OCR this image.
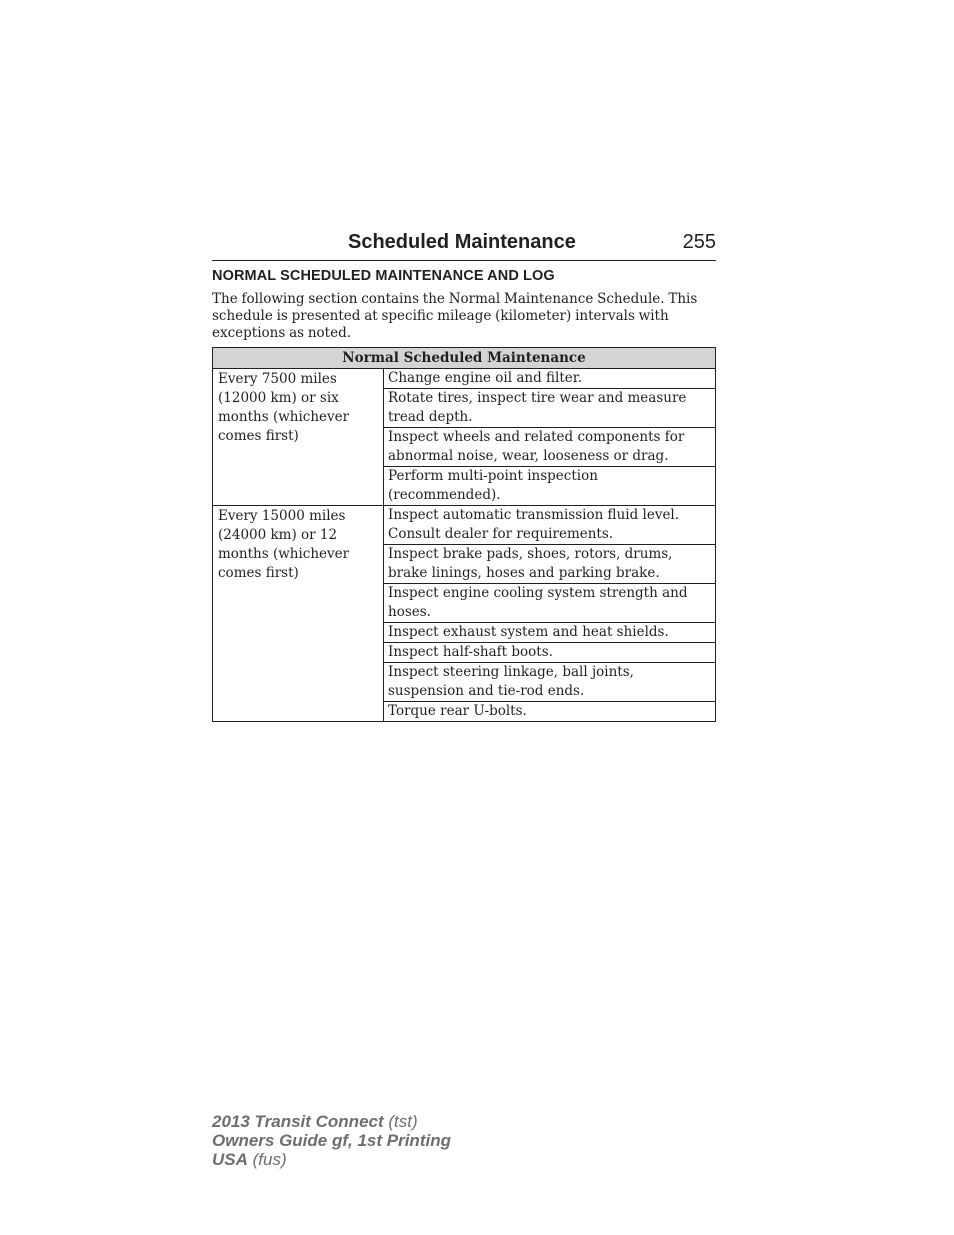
Scheduled Maintenance	255
NORMAL SCHEDULED MAINTENANCE AND LOG

The following section contains the Normal Maintenance Schedule. This schedule is presented at specific mileage (kilometer) intervals with exceptions as noted.

Normal Scheduled Maintenance	
Every 7500 miles (12000 km) or six months (whichever comes first)	Change engine oil and filter.
	Rotate tires, inspect tire wear and measure tread depth.
	Inspect wheels and related components for abnormal noise, wear, looseness or drag.
	Perform multi-point inspection (recommended).
Every 15000 miles (24000 km) or 12 months (whichever comes first)	Inspect automatic transmission fluid level. Consult dealer for requirements.
	Inspect brake pads, shoes, rotors, drums, brake linings, hoses and parking brake.
	Inspect engine cooling system strength and hoses.
	Inspect exhaust system and heat shields.
	Inspect half-shaft boots.
	Inspect steering linkage, ball joints, suspension and tie-rod ends.
	Torque rear U-bolts.
2013 Transit Connect (tst)
Owners Guide gf, 1st Printing
USA (fus)
